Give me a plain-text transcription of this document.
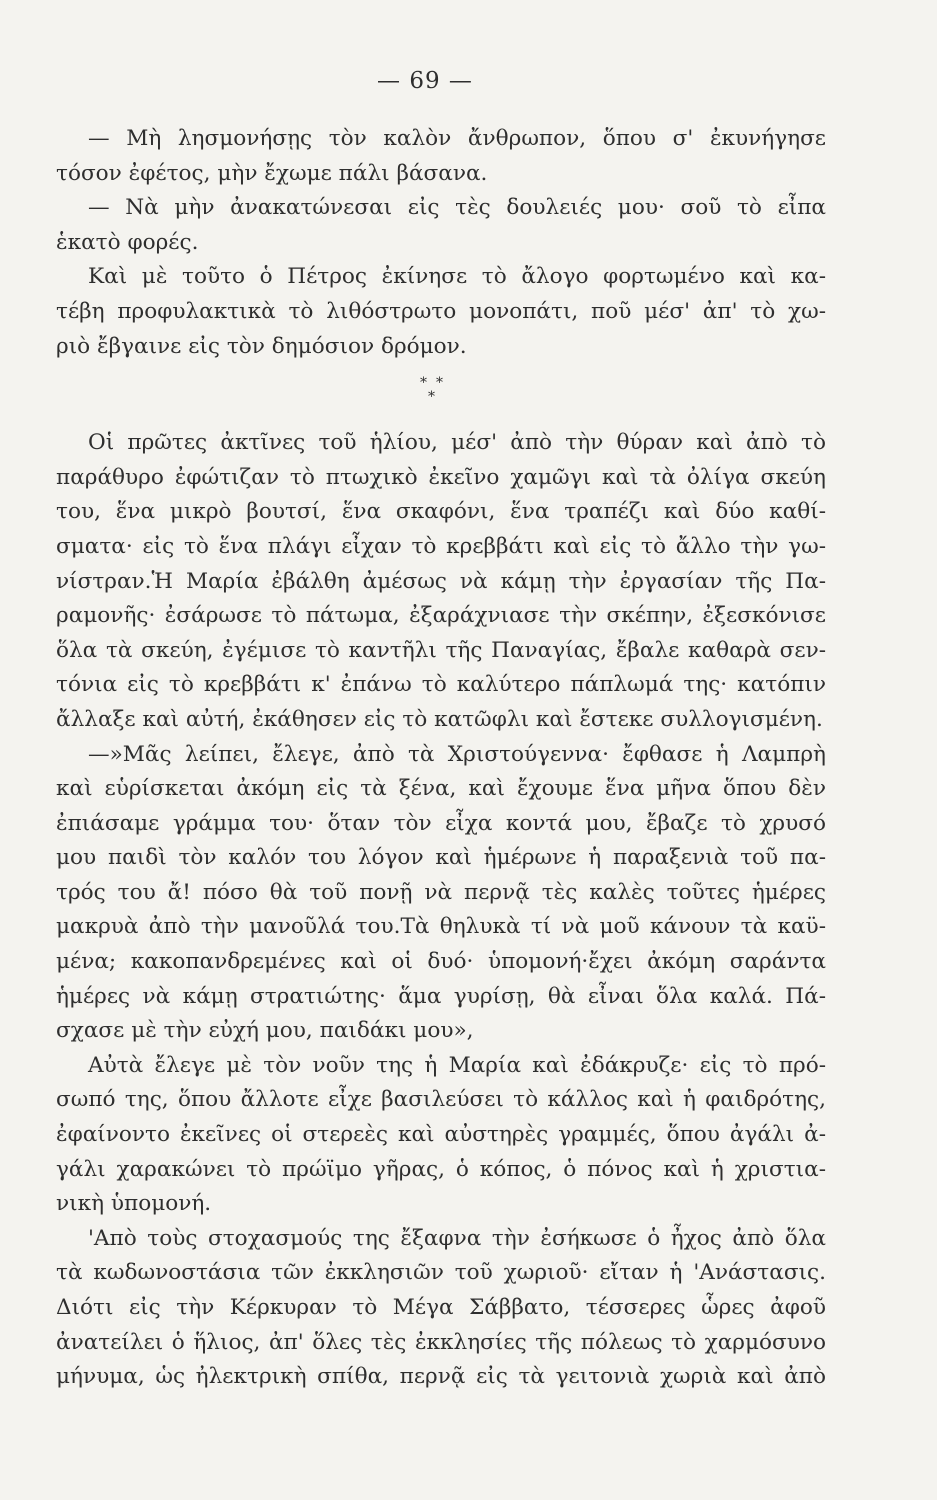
— 69 —
— Μὴ λησμονήσῃς τὸν καλὸν ἄνθρωπον, ὅπου σ' ἐκυνήγησε
τόσον ἐφέτος, μὴν ἔχωμε πάλι βάσανα.
— Νὰ μὴν ἀνακατώνεσαι εἰς τὲς δουλειές μου· σοῦ τὸ εἶπα
ἑκατὸ φορές.
Καὶ μὲ τοῦτο ὁ Πέτρος ἐκίνησε τὸ ἄλογο φορτωμένο καὶ κα-
τέβη προφυλακτικὰ τὸ λιθόστρωτο μονοπάτι, ποῦ μέσ' ἀπ' τὸ χω-
ριὸ ἔβγαινε εἰς τὸν δημόσιον δρόμον.
* *
*
Οἱ πρῶτες ἀκτῖνες τοῦ ἡλίου, μέσ' ἀπὸ τὴν θύραν καὶ ἀπὸ τὸ
παράθυρο ἐφώτιζαν τὸ πτωχικὸ ἐκεῖνο χαμῶγι καὶ τὰ ὀλίγα σκεύη
του, ἕνα μικρὸ βουτσί, ἕνα σκαφόνι, ἕνα τραπέζι καὶ δύο καθί-
σματα· εἰς τὸ ἕνα πλάγι εἶχαν τὸ κρεββάτι καὶ εἰς τὸ ἄλλο τὴν γω-
νίστραν.Ἡ Μαρία ἐβάλθη ἀμέσως νὰ κάμῃ τὴν ἐργασίαν τῆς Πα-
ραμονῆς· ἐσάρωσε τὸ πάτωμα, ἐξαράχνιασε τὴν σκέπην, ἐξεσκόνισε
ὅλα τὰ σκεύη, ἐγέμισε τὸ καντῆλι τῆς Παναγίας, ἔβαλε καθαρὰ σεν-
τόνια εἰς τὸ κρεββάτι κ' ἐπάνω τὸ καλύτερο πάπλωμά της· κατόπιν
ἄλλαξε καὶ αὐτή, ἐκάθησεν εἰς τὸ κατῶφλι καὶ ἔστεκε συλλογισμένη.
—»Μᾶς λείπει, ἔλεγε, ἀπὸ τὰ Χριστούγεννα· ἔφθασε ἡ Λαμπρὴ
καὶ εὑρίσκεται ἀκόμη εἰς τὰ ξένα, καὶ ἔχουμε ἕνα μῆνα ὅπου δὲν
ἐπιάσαμε γράμμα του· ὅταν τὸν εἶχα κοντά μου, ἔβαζε τὸ χρυσό
μου παιδὶ τὸν καλόν του λόγον καὶ ἡμέρωνε ἡ παραξενιὰ τοῦ πα-
τρός του ἄ! πόσο θὰ τοῦ πονῇ νὰ περνᾷ τὲς καλὲς τοῦτες ἡμέρες
μακρυὰ ἀπὸ τὴν μανοῦλά του.Τὰ θηλυκὰ τί νὰ μοῦ κάνουν τὰ καϋ-
μένα; κακοπανδρεμένες καὶ οἱ δυό· ὑπομονή·ἔχει ἀκόμη σαράντα
ἡμέρες νὰ κάμῃ στρατιώτης· ἅμα γυρίσῃ, θὰ εἶναι ὅλα καλά. Πά-
σχασε μὲ τὴν εὐχή μου, παιδάκι μου»,
Αὐτὰ ἔλεγε μὲ τὸν νοῦν της ἡ Μαρία καὶ ἐδάκρυζε· εἰς τὸ πρό-
σωπό της, ὅπου ἄλλοτε εἶχε βασιλεύσει τὸ κάλλος καὶ ἡ φαιδρότης,
ἐφαίνοντο ἐκεῖνες οἱ στερεὲς καὶ αὐστηρὲς γραμμές, ὅπου ἀγάλι ἀ-
γάλι χαρακώνει τὸ πρώϊμο γῆρας, ὁ κόπος, ὁ πόνος καὶ ἡ χριστια-
νικὴ ὑπομονή.
'Απὸ τοὺς στοχασμούς της ἔξαφνα τὴν ἐσήκωσε ὁ ἦχος ἀπὸ ὅλα
τὰ κωδωνοστάσια τῶν ἐκκλησιῶν τοῦ χωριοῦ· εἴταν ἡ 'Ανάστασις.
Διότι εἰς τὴν Κέρκυραν τὸ Μέγα Σάββατο, τέσσερες ὧρες ἀφοῦ
ἀνατείλει ὁ ἥλιος, ἀπ' ὅλες τὲς ἐκκλησίες τῆς πόλεως τὸ χαρμόσυνο
μήνυμα, ὡς ἠλεκτρικὴ σπίθα, περνᾷ εἰς τὰ γειτονιὰ χωριὰ καὶ ἀπὸ
